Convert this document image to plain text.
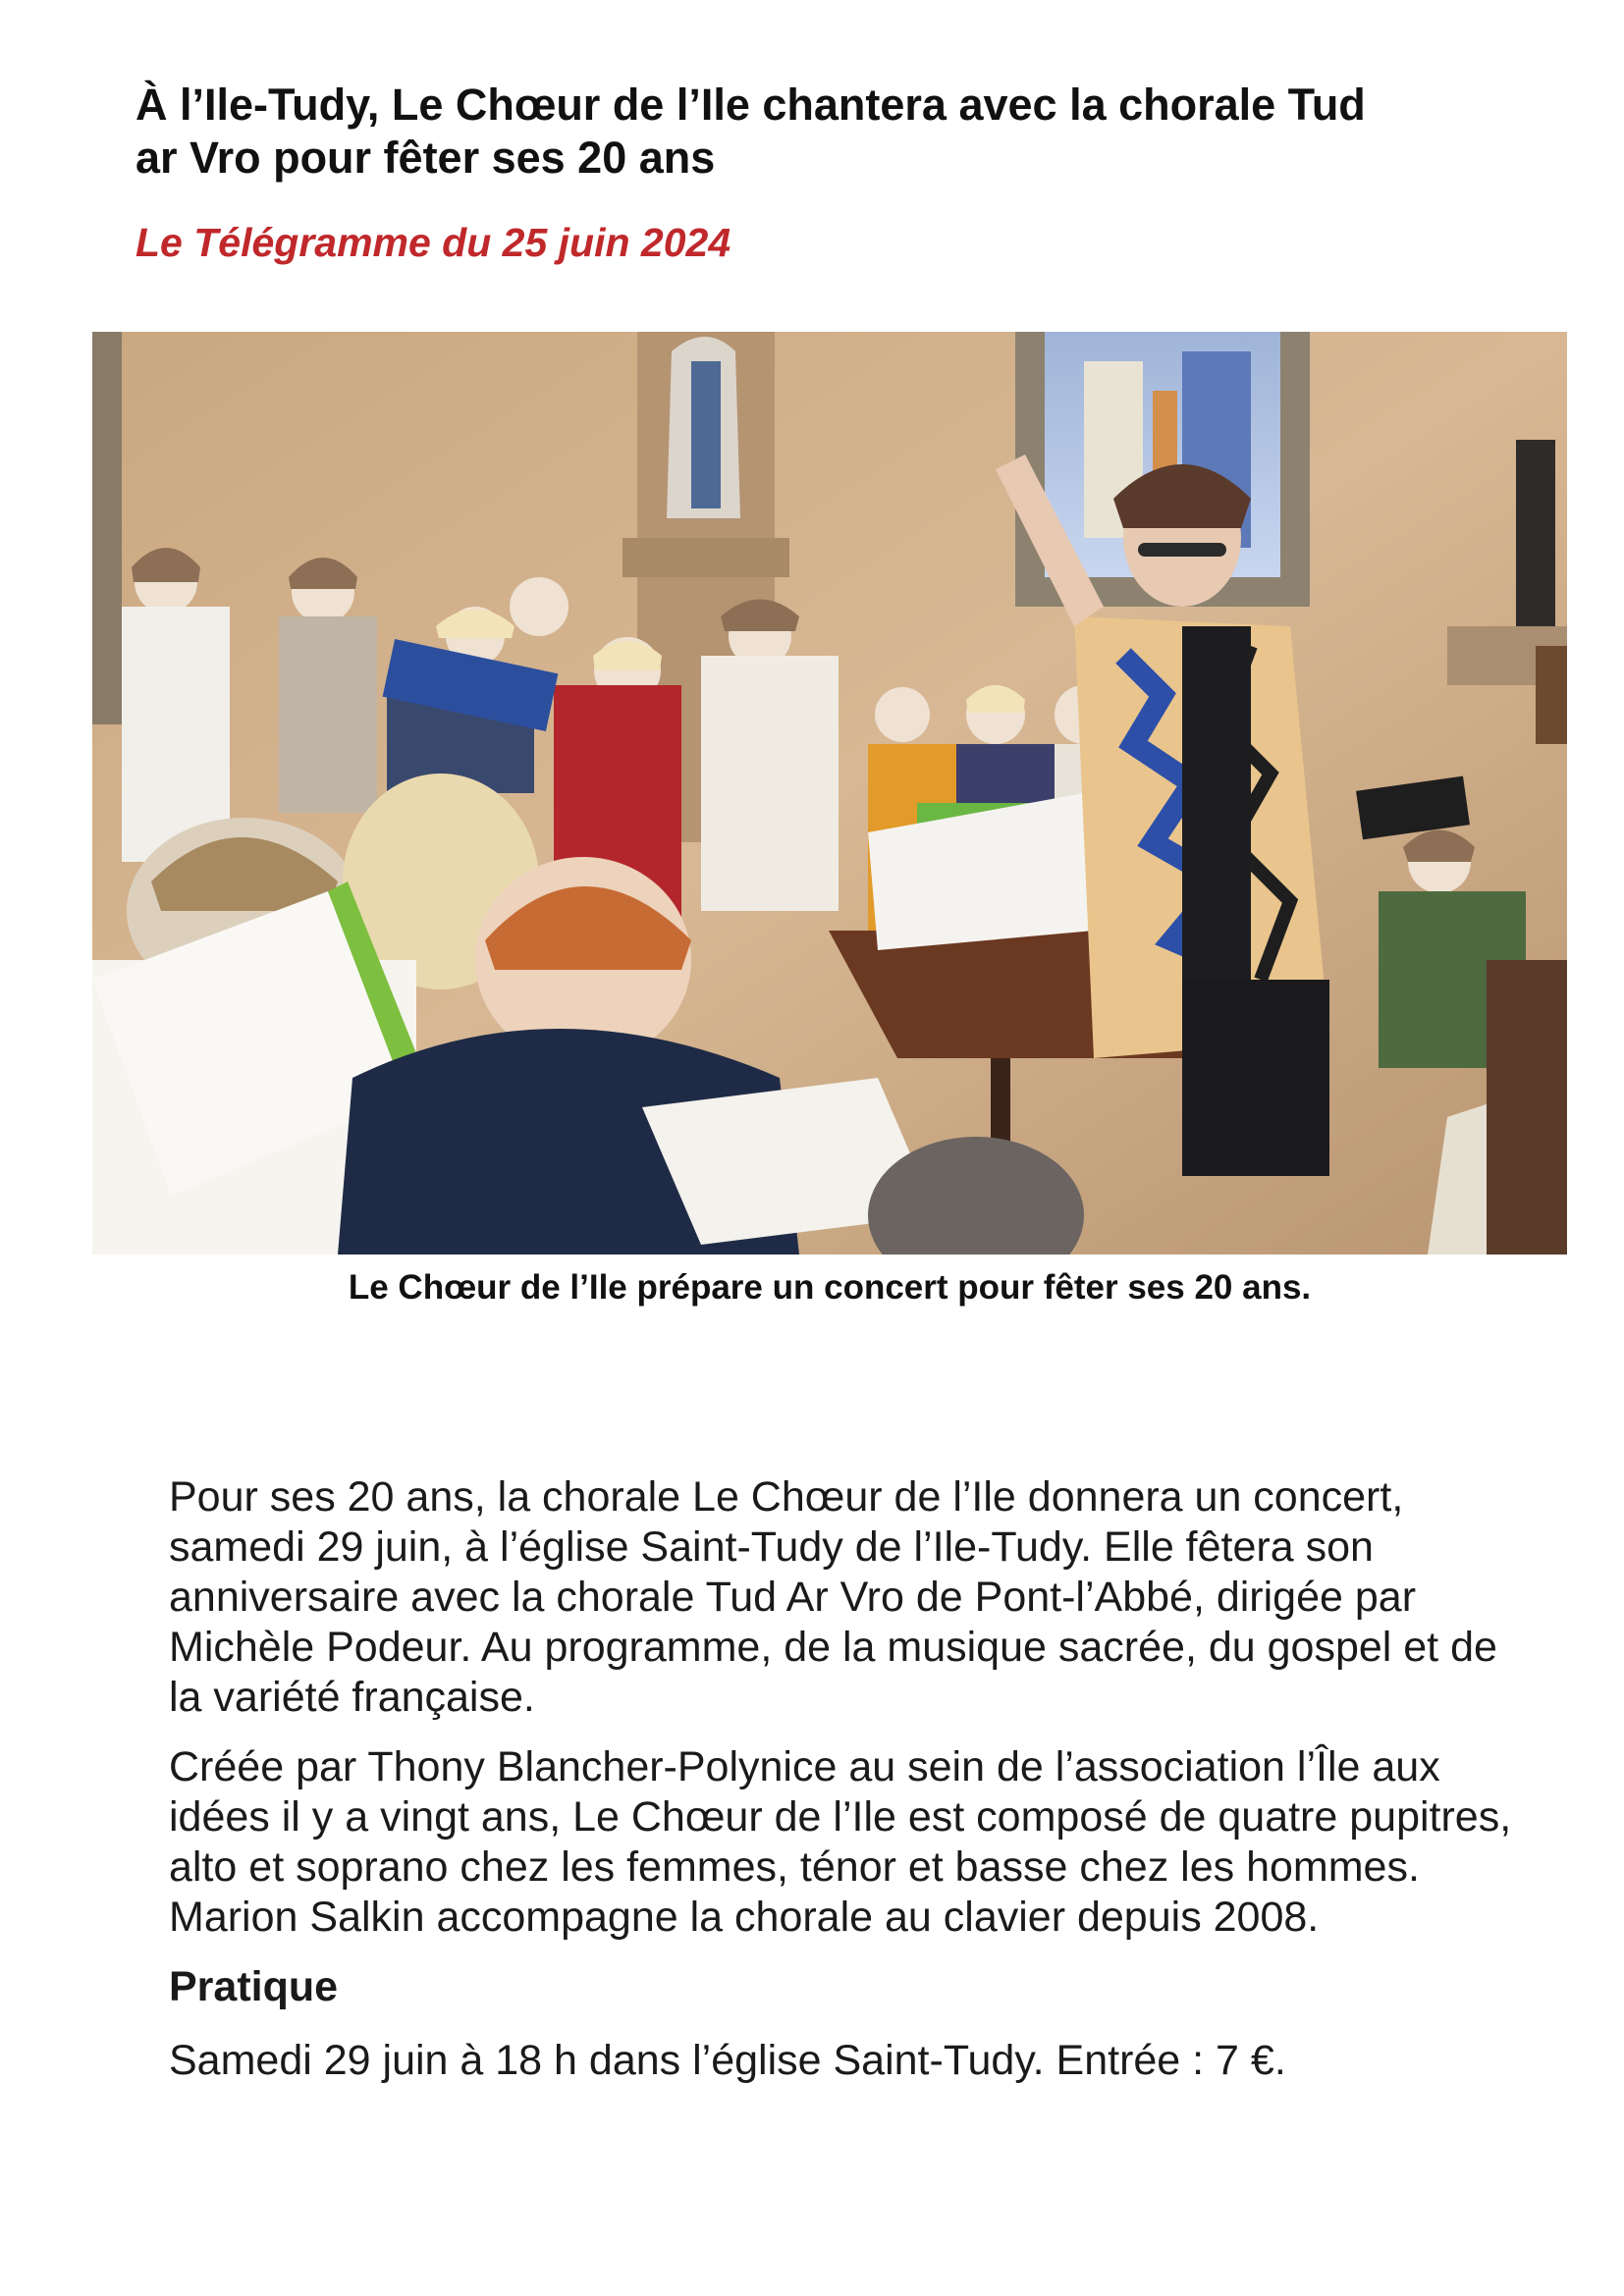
À l’Ile-Tudy, Le Chœur de l’Ile chantera avec la chorale Tud ar Vro pour fêter ses 20 ans

Le Télégramme du 25 juin 2024

Le Chœur de l’Ile prépare un concert pour fêter ses 20 ans.

Pour ses 20 ans, la chorale Le Chœur de l’Ile donnera un concert, samedi 29 juin, à l’église Saint-Tudy de l’Ile-Tudy. Elle fêtera son anniversaire avec la chorale Tud Ar Vro de Pont-l’Abbé, dirigée par Michèle Podeur. Au programme, de la musique sacrée, du gospel et de la variété française.

Créée par Thony Blancher-Polynice au sein de l’association l’Île aux idées il y a vingt ans, Le Chœur de l’Ile est composé de quatre pupitres, alto et soprano chez les femmes, ténor et basse chez les hommes. Marion Salkin accompagne la chorale au clavier depuis 2008.

Pratique

Samedi 29 juin à 18 h dans l’église Saint-Tudy. Entrée : 7 €.
